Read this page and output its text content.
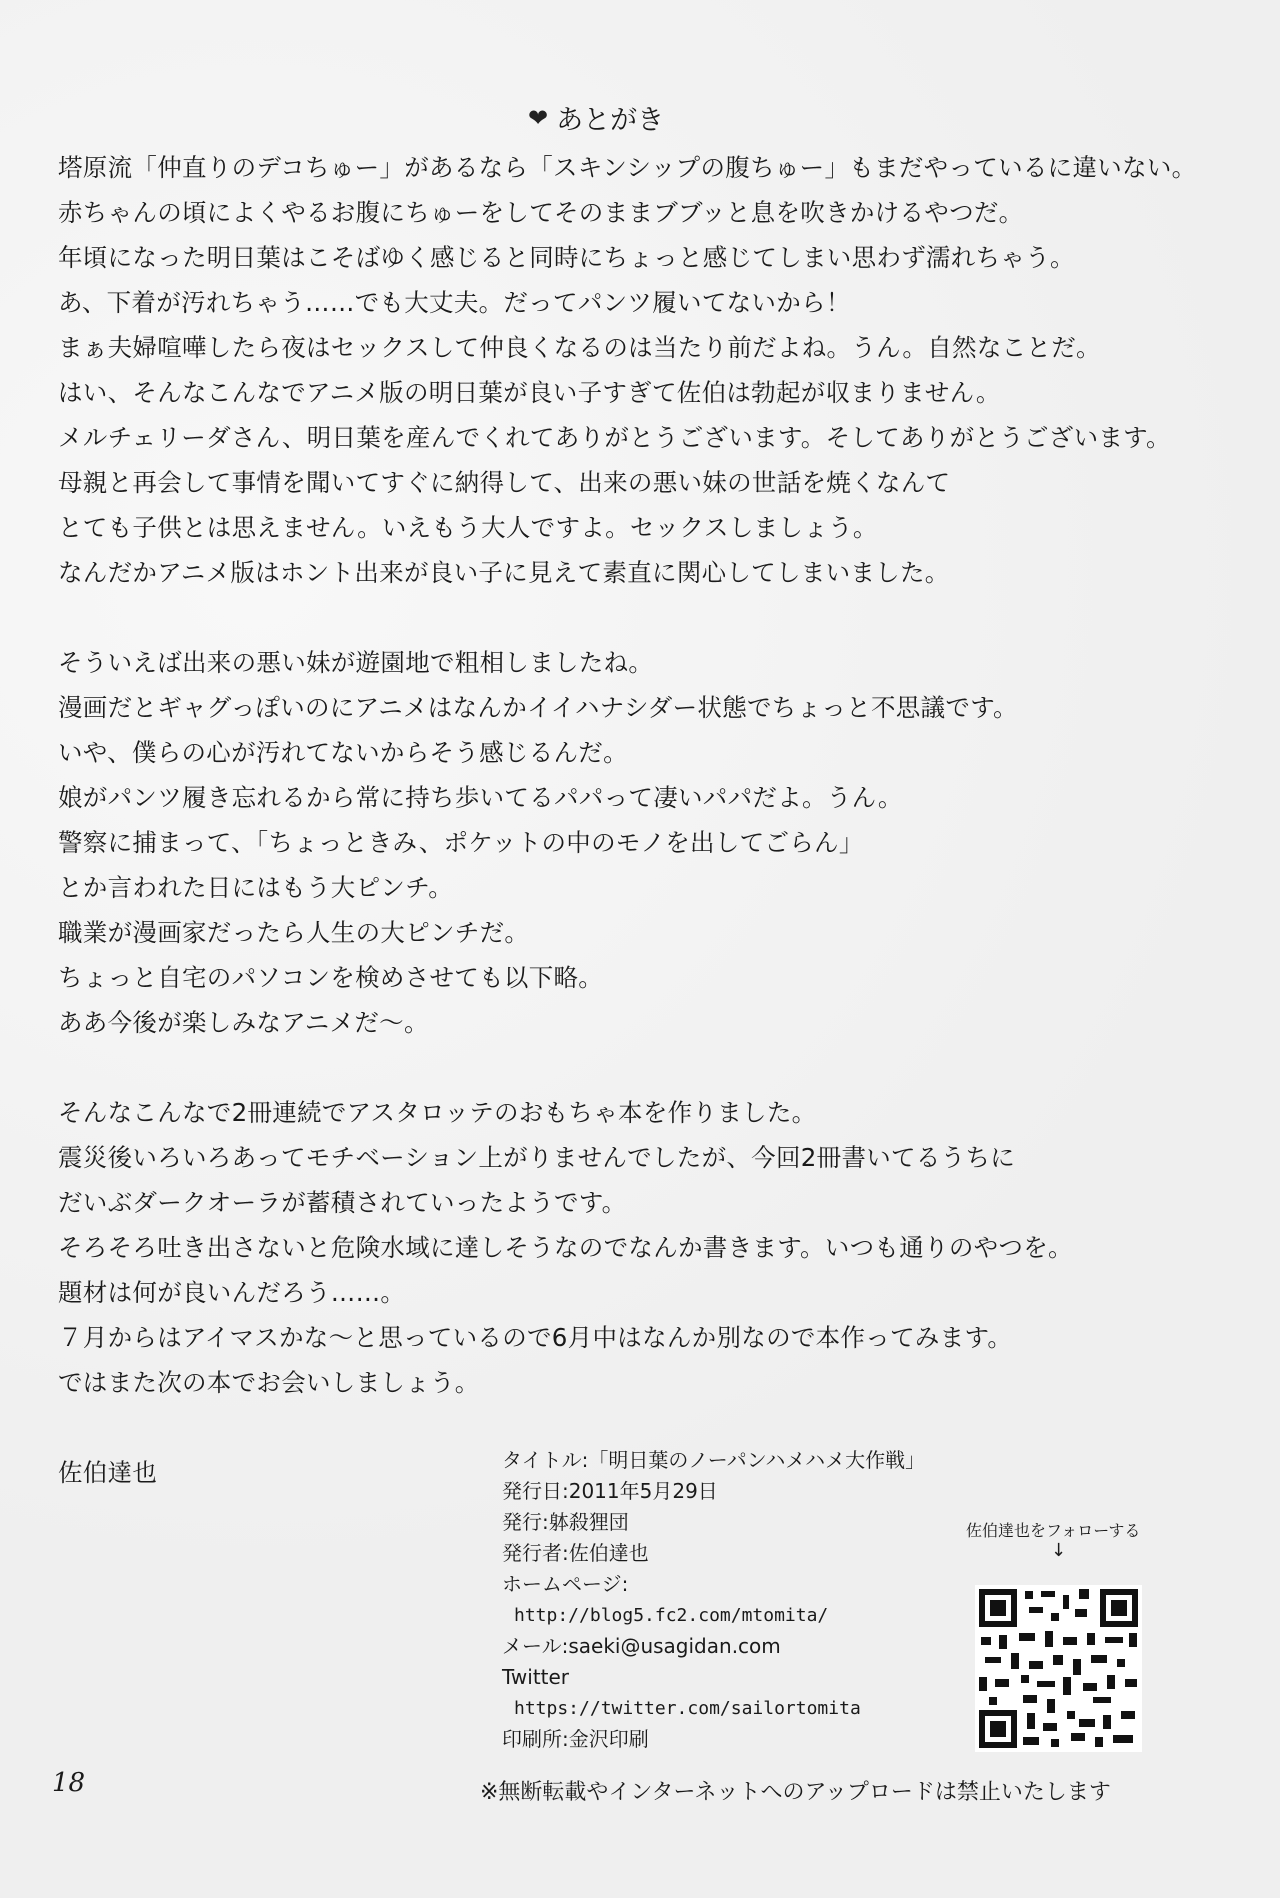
❤ あとがき
塔原流「仲直りのデコちゅー」があるなら「スキンシップの腹ちゅー」もまだやっているに違いない。
赤ちゃんの頃によくやるお腹にちゅーをしてそのままブブッと息を吹きかけるやつだ。
年頃になった明日葉はこそばゆく感じると同時にちょっと感じてしまい思わず濡れちゃう。
あ、下着が汚れちゃう……でも大丈夫。だってパンツ履いてないから！
まぁ夫婦喧嘩したら夜はセックスして仲良くなるのは当たり前だよね。うん。自然なことだ。
はい、そんなこんなでアニメ版の明日葉が良い子すぎて佐伯は勃起が収まりません。
メルチェリーダさん、明日葉を産んでくれてありがとうございます。そしてありがとうございます。
母親と再会して事情を聞いてすぐに納得して、出来の悪い妹の世話を焼くなんて
とても子供とは思えません。いえもう大人ですよ。セックスしましょう。
なんだかアニメ版はホント出来が良い子に見えて素直に関心してしまいました。
そういえば出来の悪い妹が遊園地で粗相しましたね。
漫画だとギャグっぽいのにアニメはなんかイイハナシダー状態でちょっと不思議です。
いや、僕らの心が汚れてないからそう感じるんだ。
娘がパンツ履き忘れるから常に持ち歩いてるパパって凄いパパだよ。うん。
警察に捕まって、「ちょっときみ、ポケットの中のモノを出してごらん」
とか言われた日にはもう大ピンチ。
職業が漫画家だったら人生の大ピンチだ。
ちょっと自宅のパソコンを検めさせても以下略。
ああ今後が楽しみなアニメだ～。
そんなこんなで2冊連続でアスタロッテのおもちゃ本を作りました。
震災後いろいろあってモチベーション上がりませんでしたが、今回2冊書いてるうちに
だいぶダークオーラが蓄積されていったようです。
そろそろ吐き出さないと危険水域に達しそうなのでなんか書きます。いつも通りのやつを。
題材は何が良いんだろう……。
７月からはアイマスかな～と思っているので6月中はなんか別なので本作ってみます。
ではまた次の本でお会いしましょう。
佐伯達也	タイトル:「明日葉のノーパンハメハメ大作戦」
発行日:2011年5月29日
発行:躰殺狸団
発行者:佐伯達也
ホームページ:
http://blog5.fc2.com/mtomita/
メール:saeki@usagidan.com
Twitter
https://twitter.com/sailortomita
印刷所:金沢印刷
佐伯達也をフォローする
↓
18	※無断転載やインターネットへのアップロードは禁止いたします
